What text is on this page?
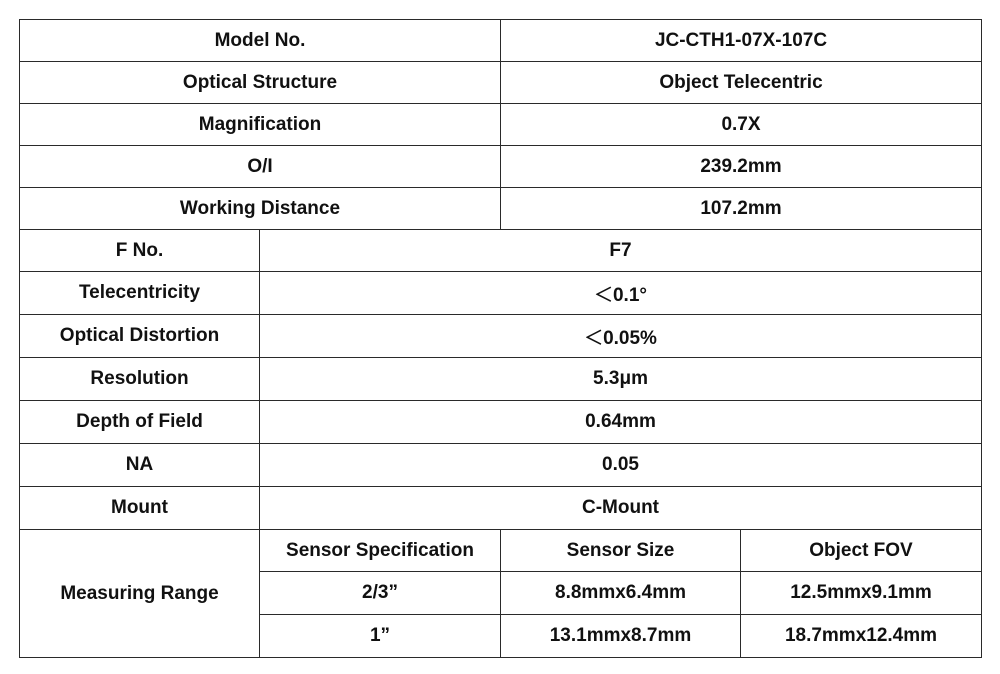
Model No.		JC-CTH1-07X-107C	
Optical Structure		Object Telecentric	
Magnification		0.7X	
O/I		239.2mm	
Working Distance		107.2mm	
F No.	F7		
Telecentricity	＜0.1°		
Optical Distortion	＜0.05%		
Resolution	5.3μm		
Depth of Field	0.64mm		
NA	0.05		
Mount	C-Mount		
Measuring Range	Sensor Specification	Sensor Size	Object FOV
	2/3”	8.8mmx6.4mm	12.5mmx9.1mm
	1”	13.1mmx8.7mm	18.7mmx12.4mm
